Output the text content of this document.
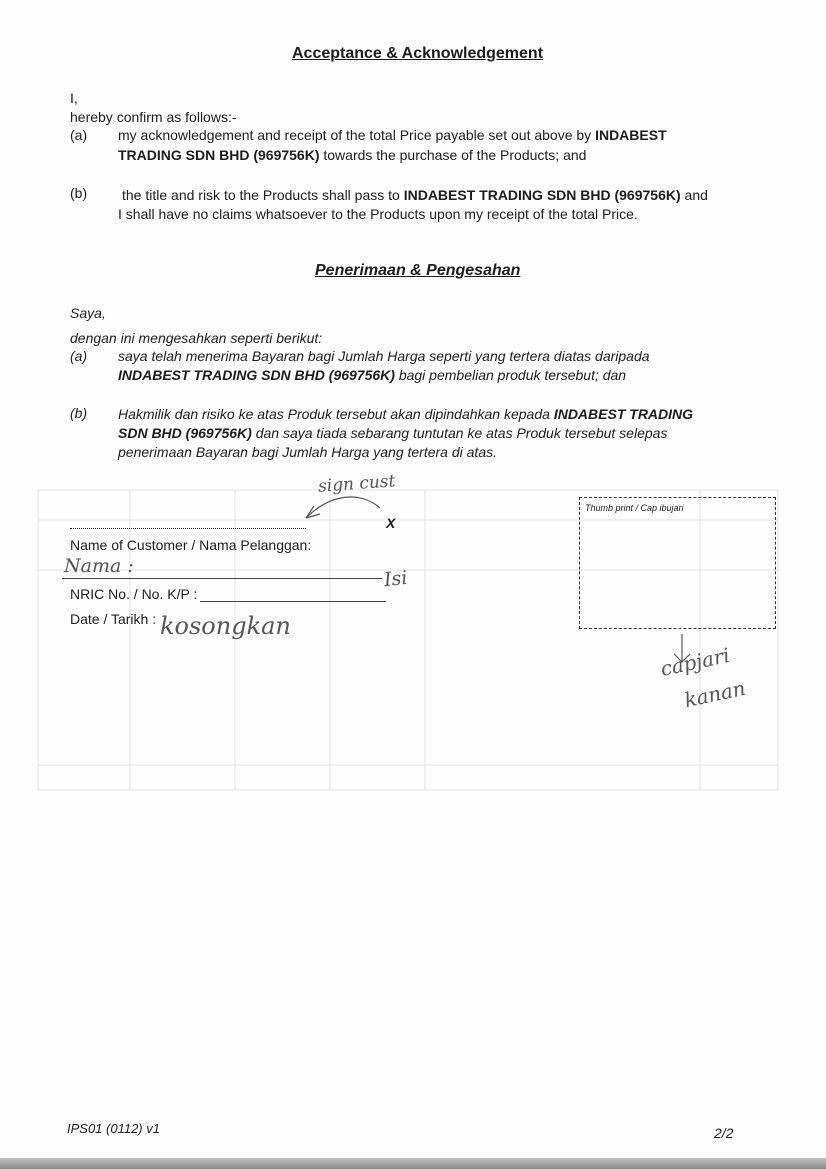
Acceptance & Acknowledgement
I,
hereby confirm as follows:-
(a) my acknowledgement and receipt of the total Price payable set out above by INDABEST
TRADING SDN BHD (969756K) towards the purchase of the Products; and
(b) the title and risk to the Products shall pass to INDABEST TRADING SDN BHD (969756K) and
I shall have no claims whatsoever to the Products upon my receipt of the total Price.
Penerimaan & Pengesahan
Saya,
dengan ini mengesahkan seperti berikut:
(a) saya telah menerima Bayaran bagi Jumlah Harga seperti yang tertera diatas daripada
INDABEST TRADING SDN BHD (969756K) bagi pembelian produk tersebut; dan
(b) Hakmilik dan risiko ke atas Produk tersebut akan dipindahkan kepada INDABEST TRADING
SDN BHD (969756K) dan saya tiada sebarang tuntutan ke atas Produk tersebut selepas
penerimaan Bayaran bagi Jumlah Harga yang tertera di atas.
Name of Customer / Nama Pelanggan:
NRIC No. / No. K/P :
Date / Tarikh :
Thumb print / Cap ibujari
sign cust
X
Nama :
Isi
kosongkan
capjari
kanan
IPS01 (0112) v1	2/2
